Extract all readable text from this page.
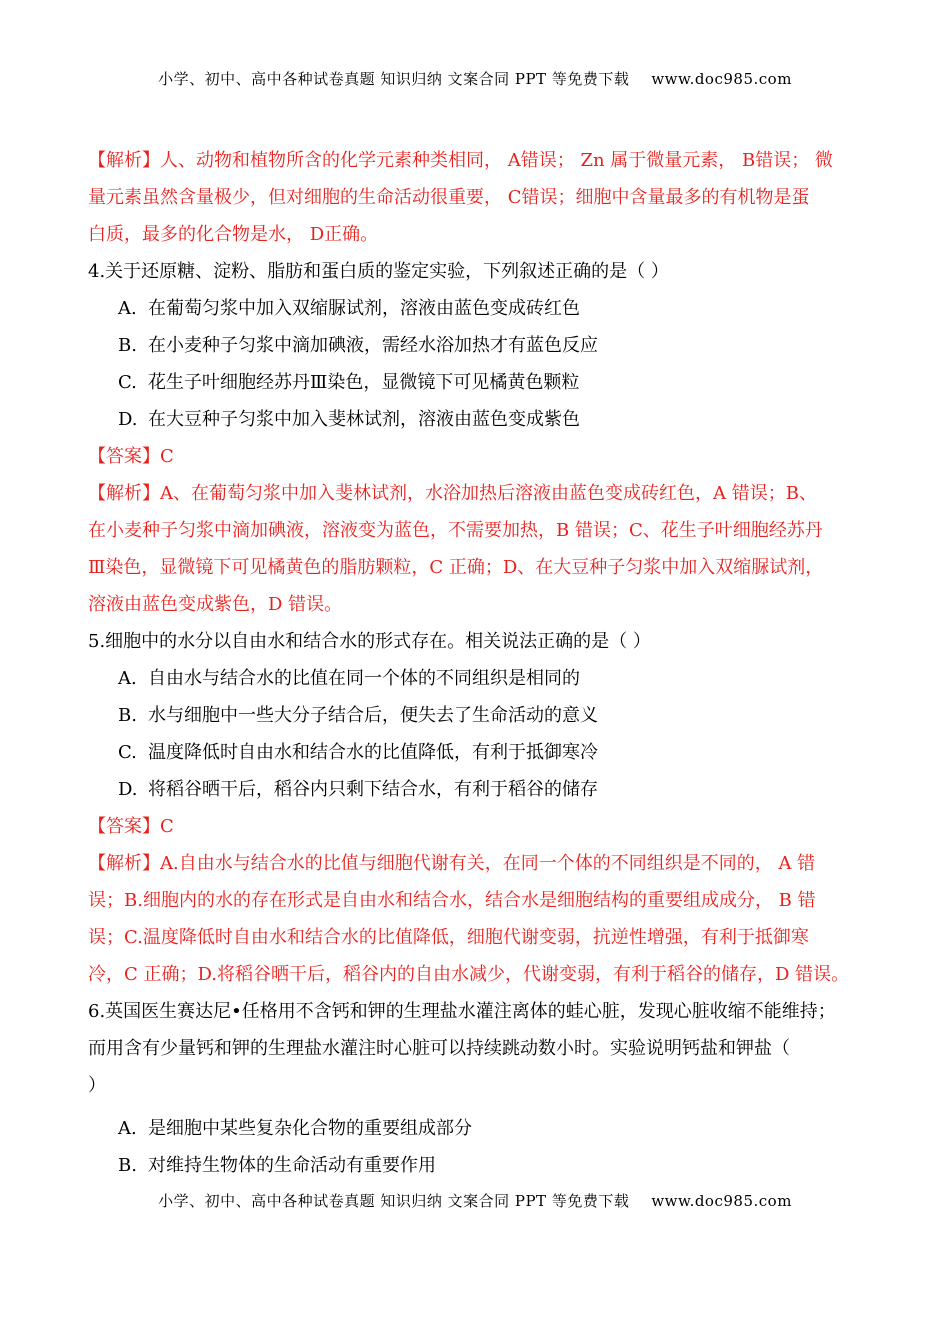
小学、初中、高中各种试卷真题 知识归纳 文案合同 PPT 等免费下载 www.doc985.com
【解析】人、动物和植物所含的化学元素种类相同， A错误； Zn 属于微量元素， B错误； 微
量元素虽然含量极少，但对细胞的生命活动很重要， C错误；细胞中含量最多的有机物是蛋
白质，最多的化合物是水， D正确。
4.关于还原糖、淀粉、脂肪和蛋白质的鉴定实验，下列叙述正确的是（ ）
A. 在葡萄匀浆中加入双缩脲试剂，溶液由蓝色变成砖红色
B. 在小麦种子匀浆中滴加碘液，需经水浴加热才有蓝色反应
C. 花生子叶细胞经苏丹Ⅲ染色，显微镜下可见橘黄色颗粒
D. 在大豆种子匀浆中加入斐林试剂，溶液由蓝色变成紫色
【答案】C
【解析】A、在葡萄匀浆中加入斐林试剂，水浴加热后溶液由蓝色变成砖红色，A 错误；B、
在小麦种子匀浆中滴加碘液，溶液变为蓝色，不需要加热，B 错误；C、花生子叶细胞经苏丹
Ⅲ染色，显微镜下可见橘黄色的脂肪颗粒，C 正确；D、在大豆种子匀浆中加入双缩脲试剂，
溶液由蓝色变成紫色，D 错误。
5.细胞中的水分以自由水和结合水的形式存在。相关说法正确的是（ ）
A. 自由水与结合水的比值在同一个体的不同组织是相同的
B. 水与细胞中一些大分子结合后，便失去了生命活动的意义
C. 温度降低时自由水和结合水的比值降低，有利于抵御寒冷
D. 将稻谷晒干后，稻谷内只剩下结合水，有利于稻谷的储存
【答案】C
【解析】A.自由水与结合水的比值与细胞代谢有关，在同一个体的不同组织是不同的， A 错
误；B.细胞内的水的存在形式是自由水和结合水，结合水是细胞结构的重要组成成分， B 错
误；C.温度降低时自由水和结合水的比值降低，细胞代谢变弱，抗逆性增强，有利于抵御寒
冷，C 正确；D.将稻谷晒干后，稻谷内的自由水减少，代谢变弱，有利于稻谷的储存，D 错误。
6.英国医生赛达尼•任格用不含钙和钾的生理盐水灌注离体的蛙心脏，发现心脏收缩不能维持；
而用含有少量钙和钾的生理盐水灌注时心脏可以持续跳动数小时。实验说明钙盐和钾盐（
）
A. 是细胞中某些复杂化合物的重要组成部分
B. 对维持生物体的生命活动有重要作用
小学、初中、高中各种试卷真题 知识归纳 文案合同 PPT 等免费下载 www.doc985.com
